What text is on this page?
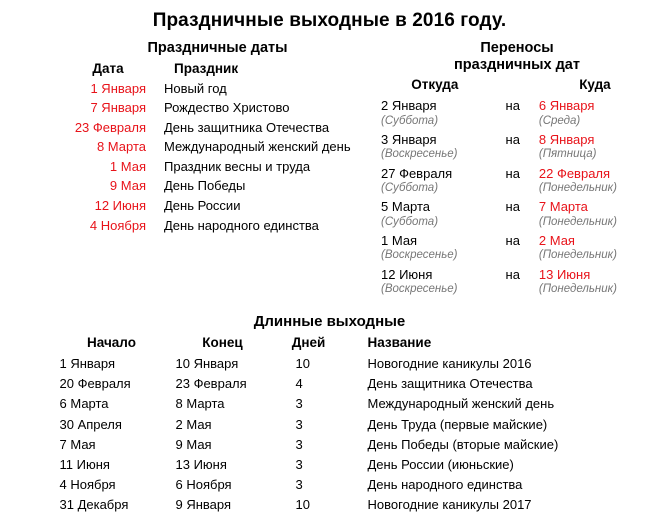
Праздничные выходные в 2016 году.
Праздничные даты
Дата	Праздник
1 Января	Новый год
7 Января	Рождество Христово
23 Февраля	День защитника Отечества
8 Марта	Международный женский день
1 Мая	Праздник весны и труда
9 Мая	День Победы
12 Июня	День России
4 Ноября	День народного единства
Переносы
праздничных дат
Откуда		Куда
2 Января
(Суббота)	на	6 Января
(Среда)

3 Января
(Воскресенье)	на	8 Января
(Пятница)

27 Февраля
(Суббота)	на	22 Февраля
(Понедельник)

5 Марта
(Суббота)	на	7 Марта
(Понедельник)

1 Мая
(Воскресенье)	на	2 Мая
(Понедельник)

12 Июня
(Воскресенье)	на	13 Июня
(Понедельник)
Длинные выходные
Начало	Конец	Дней	Название
1 Января	10 Января	10	Новогодние каникулы 2016
20 Февраля	23 Февраля	4	День защитника Отечества
6 Марта	8 Марта	3	Международный женский день
30 Апреля	2 Мая	3	День Труда (первые майские)
7 Мая	9 Мая	3	День Победы (вторые майские)
11 Июня	13 Июня	3	День России (июньские)
4 Ноября	6 Ноября	3	День народного единства
31 Декабря	9 Января	10	Новогодние каникулы 2017
